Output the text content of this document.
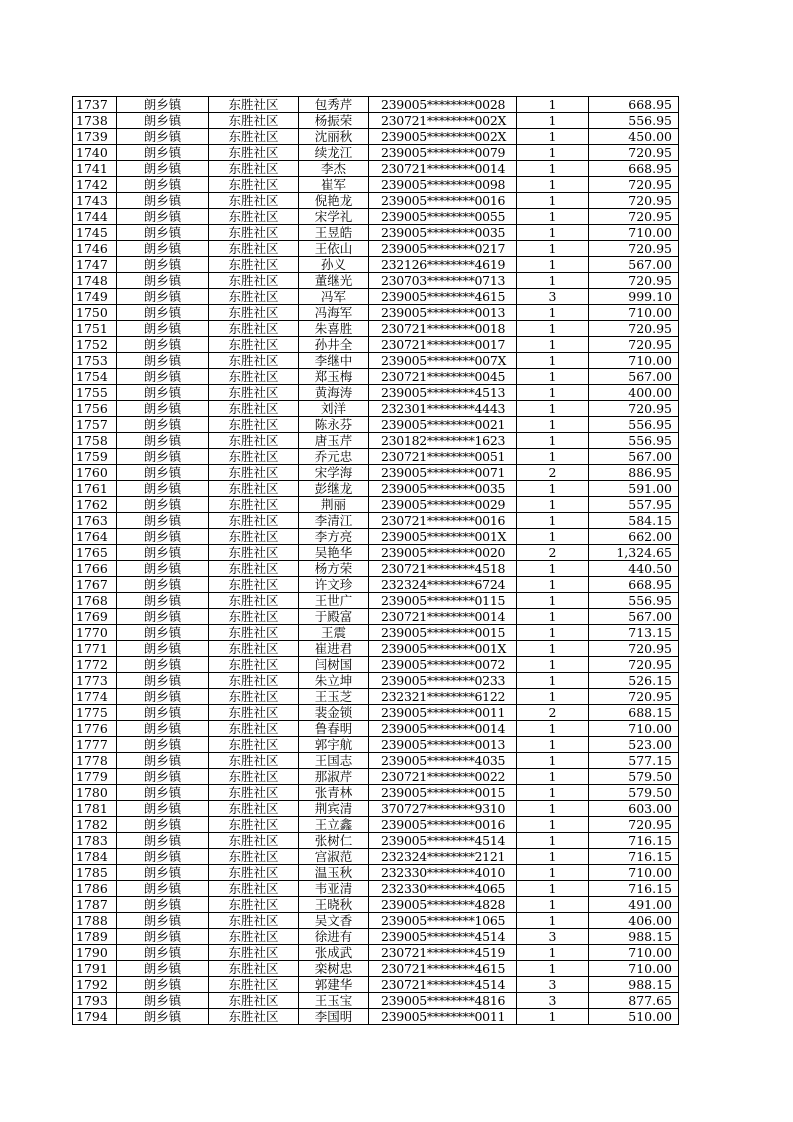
1737	朗乡镇	东胜社区	包秀芹	239005********0028	1	668.95
1738	朗乡镇	东胜社区	杨振荣	230721********002X	1	556.95
1739	朗乡镇	东胜社区	沈丽秋	239005********002X	1	450.00
1740	朗乡镇	东胜社区	续龙江	239005********0079	1	720.95
1741	朗乡镇	东胜社区	李杰	230721********0014	1	668.95
1742	朗乡镇	东胜社区	崔军	239005********0098	1	720.95
1743	朗乡镇	东胜社区	倪艳龙	239005********0016	1	720.95
1744	朗乡镇	东胜社区	宋学礼	239005********0055	1	720.95
1745	朗乡镇	东胜社区	王昱皓	239005********0035	1	710.00
1746	朗乡镇	东胜社区	王依山	239005********0217	1	720.95
1747	朗乡镇	东胜社区	孙义	232126********4619	1	567.00
1748	朗乡镇	东胜社区	董继光	230703********0713	1	720.95
1749	朗乡镇	东胜社区	冯军	239005********4615	3	999.10
1750	朗乡镇	东胜社区	冯海军	239005********0013	1	710.00
1751	朗乡镇	东胜社区	朱喜胜	230721********0018	1	720.95
1752	朗乡镇	东胜社区	孙井全	230721********0017	1	720.95
1753	朗乡镇	东胜社区	李继中	239005********007X	1	710.00
1754	朗乡镇	东胜社区	郑玉梅	230721********0045	1	567.00
1755	朗乡镇	东胜社区	黄海涛	239005********4513	1	400.00
1756	朗乡镇	东胜社区	刘洋	232301********4443	1	720.95
1757	朗乡镇	东胜社区	陈永芬	239005********0021	1	556.95
1758	朗乡镇	东胜社区	唐玉芹	230182********1623	1	556.95
1759	朗乡镇	东胜社区	乔元忠	230721********0051	1	567.00
1760	朗乡镇	东胜社区	宋学海	239005********0071	2	886.95
1761	朗乡镇	东胜社区	彭继龙	239005********0035	1	591.00
1762	朗乡镇	东胜社区	荆丽	239005********0029	1	557.95
1763	朗乡镇	东胜社区	李清江	230721********0016	1	584.15
1764	朗乡镇	东胜社区	李方亮	239005********001X	1	662.00
1765	朗乡镇	东胜社区	吴艳华	239005********0020	2	1,324.65
1766	朗乡镇	东胜社区	杨方荣	230721********4518	1	440.50
1767	朗乡镇	东胜社区	许文珍	232324********6724	1	668.95
1768	朗乡镇	东胜社区	王世广	239005********0115	1	556.95
1769	朗乡镇	东胜社区	于殿富	230721********0014	1	567.00
1770	朗乡镇	东胜社区	王震	239005********0015	1	713.15
1771	朗乡镇	东胜社区	崔进君	239005********001X	1	720.95
1772	朗乡镇	东胜社区	闫树国	239005********0072	1	720.95
1773	朗乡镇	东胜社区	朱立坤	239005********0233	1	526.15
1774	朗乡镇	东胜社区	王玉芝	232321********6122	1	720.95
1775	朗乡镇	东胜社区	裴金锁	239005********0011	2	688.15
1776	朗乡镇	东胜社区	鲁春明	239005********0014	1	710.00
1777	朗乡镇	东胜社区	郭宇航	239005********0013	1	523.00
1778	朗乡镇	东胜社区	王国志	239005********4035	1	577.15
1779	朗乡镇	东胜社区	那淑芹	230721********0022	1	579.50
1780	朗乡镇	东胜社区	张青林	239005********0015	1	579.50
1781	朗乡镇	东胜社区	荆宾清	370727********9310	1	603.00
1782	朗乡镇	东胜社区	王立鑫	239005********0016	1	720.95
1783	朗乡镇	东胜社区	张树仁	239005********4514	1	716.15
1784	朗乡镇	东胜社区	宫淑范	232324********2121	1	716.15
1785	朗乡镇	东胜社区	温玉秋	232330********4010	1	710.00
1786	朗乡镇	东胜社区	韦亚清	232330********4065	1	716.15
1787	朗乡镇	东胜社区	王晓秋	239005********4828	1	491.00
1788	朗乡镇	东胜社区	吴文香	239005********1065	1	406.00
1789	朗乡镇	东胜社区	徐进有	239005********4514	3	988.15
1790	朗乡镇	东胜社区	张成武	230721********4519	1	710.00
1791	朗乡镇	东胜社区	栾树忠	230721********4615	1	710.00
1792	朗乡镇	东胜社区	郭建华	230721********4514	3	988.15
1793	朗乡镇	东胜社区	王玉宝	239005********4816	3	877.65
1794	朗乡镇	东胜社区	李国明	239005********0011	1	510.00
